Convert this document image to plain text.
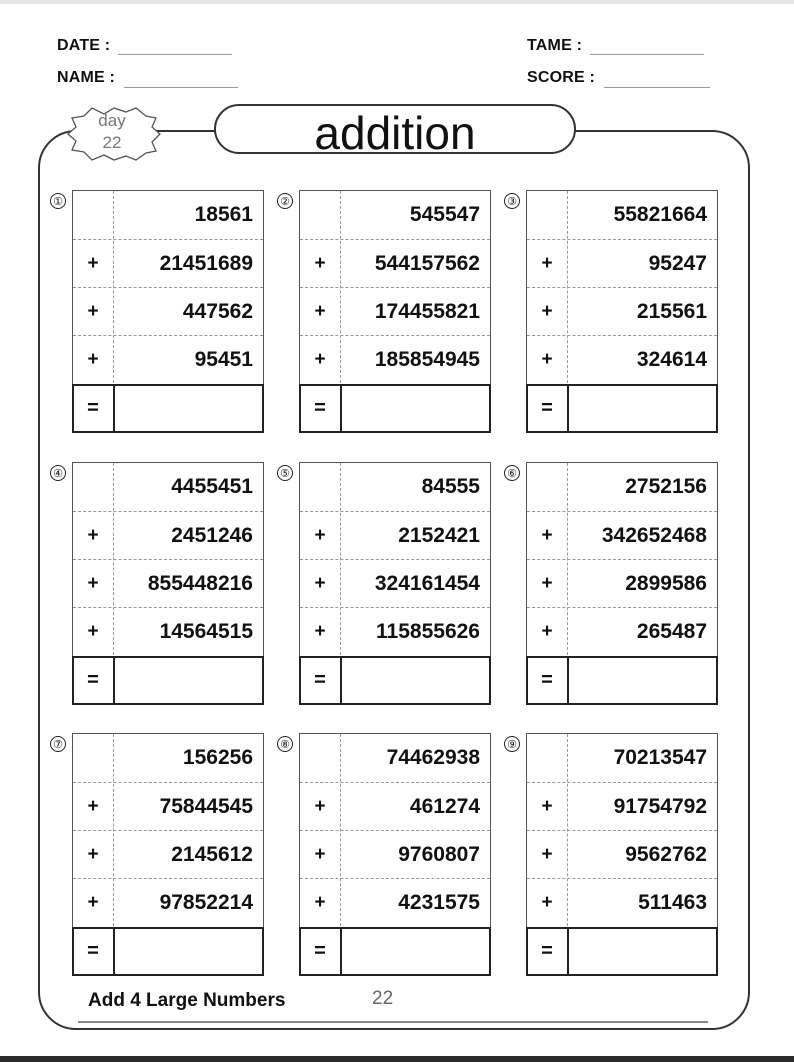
DATE :
NAME :
TAME :
SCORE :
addition
day
22
①
18561
+	21451689
+	447562
+	95451
=
②
545547
+	544157562
+	174455821
+	185854945
=
③
55821664
+	95247
+	215561
+	324614
=
④
4455451
+	2451246
+	855448216
+	14564515
=
⑤
84555
+	2152421
+	324161454
+	115855626
=
⑥
2752156
+	342652468
+	2899586
+	265487
=
⑦
156256
+	75844545
+	2145612
+	97852214
=
⑧
74462938
+	461274
+	9760807
+	4231575
=
⑨
70213547
+	91754792
+	9562762
+	511463
=
Add 4 Large Numbers	22
